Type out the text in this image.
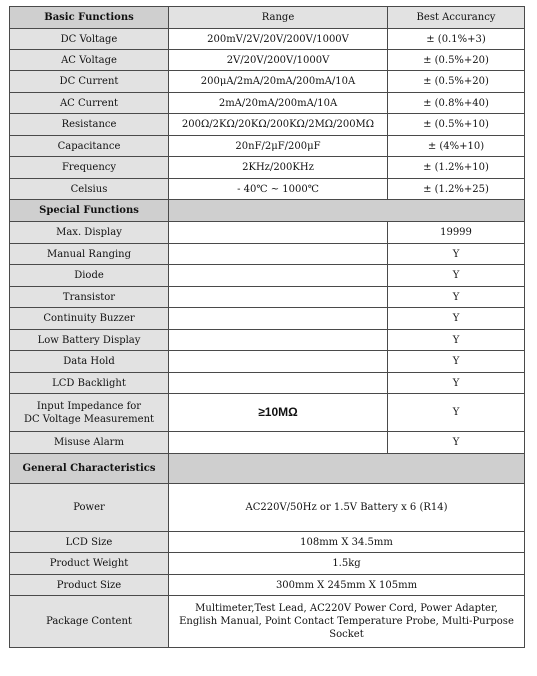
Basic Functions	Range	Best Accurancy
DC Voltage	200mV/2V/20V/200V/1000V	± (0.1%+3)
AC Voltage	2V/20V/200V/1000V	± (0.5%+20)
DC Current	200μA/2mA/20mA/200mA/10A	± (0.5%+20)
AC Current	2mA/20mA/200mA/10A	± (0.8%+40)
Resistance	200Ω/2KΩ/20KΩ/200KΩ/2MΩ/200MΩ	± (0.5%+10)
Capacitance	20nF/2μF/200μF	± (4%+10)
Frequency	2KHz/200KHz	± (1.2%+10)
Celsius	- 40℃ ~ 1000℃	± (1.2%+25)
Special Functions		
Max. Display		19999
Manual Ranging		Y
Diode		Y
Transistor		Y
Continuity Buzzer		Y
Low Battery Display		Y
Data Hold		Y
LCD Backlight		Y
Input Impedance for
DC Voltage Measurement	≥10MΩ	Y
Misuse Alarm		Y
General Characteristics		
Power	AC220V/50Hz or 1.5V Battery x 6 (R14)	
LCD Size	108mm X 34.5mm	
Product Weight	1.5kg	
Product Size	300mm X 245mm X 105mm	
Package Content	Multimeter,Test Lead, AC220V Power Cord, Power Adapter, English Manual, Point Contact Temperature Probe, Multi-Purpose Socket	
